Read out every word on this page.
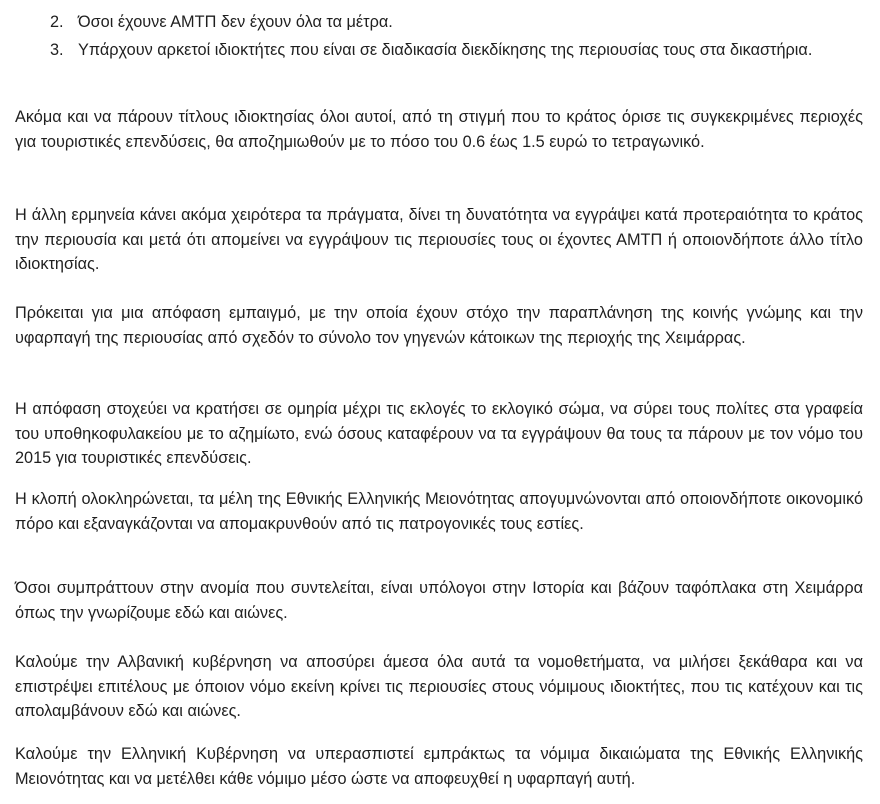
2. Όσοι έχουνε ΑΜΤΠ δεν έχουν όλα τα μέτρα.
3. Υπάρχουν αρκετοί ιδιοκτήτες που είναι σε διαδικασία διεκδίκησης της περιουσίας τους στα δικαστήρια.

Ακόμα και να πάρουν τίτλους ιδιοκτησίας όλοι αυτοί, από τη στιγμή που το κράτος όρισε τις συγκεκριμένες περιοχές για τουριστικές επενδύσεις, θα αποζημιωθούν με το πόσο του 0.6 έως 1.5 ευρώ το τετραγωνικό.

Η άλλη ερμηνεία κάνει ακόμα χειρότερα τα πράγματα, δίνει τη δυνατότητα να εγγράψει κατά προτεραιότητα το κράτος την περιουσία και μετά ότι απομείνει να εγγράψουν τις περιουσίες τους οι έχοντες ΑΜΤΠ ή οποιονδήποτε άλλο τίτλο ιδιοκτησίας.

Πρόκειται για μια απόφαση εμπαιγμό, με την οποία έχουν στόχο την παραπλάνηση της κοινής γνώμης και την υφαρπαγή της περιουσίας από σχεδόν το σύνολο τον γηγενών κάτοικων της περιοχής της Χειμάρρας.

Η απόφαση στοχεύει να κρατήσει σε ομηρία μέχρι τις εκλογές το εκλογικό σώμα, να σύρει τους πολίτες στα γραφεία του υποθηκοφυλακείου με το αζημίωτο, ενώ όσους καταφέρουν να τα εγγράψουν θα τους τα πάρουν με τον νόμο του 2015 για τουριστικές επενδύσεις.

Η κλοπή ολοκληρώνεται, τα μέλη της Εθνικής Ελληνικής Μειονότητας απογυμνώνονται από οποιονδήποτε οικονομικό πόρο και εξαναγκάζονται να απομακρυνθούν από τις πατρογονικές τους εστίες.

Όσοι συμπράττουν στην ανομία που συντελείται, είναι υπόλογοι στην Ιστορία και βάζουν ταφόπλακα στη Χειμάρρα όπως την γνωρίζουμε εδώ και αιώνες.

Καλούμε την Αλβανική κυβέρνηση να αποσύρει άμεσα όλα αυτά τα νομοθετήματα, να μιλήσει ξεκάθαρα και να επιστρέψει επιτέλους με όποιον νόμο εκείνη κρίνει τις περιουσίες στους νόμιμους ιδιοκτήτες, που τις κατέχουν και τις απολαμβάνουν εδώ και αιώνες.

Καλούμε την Ελληνική Κυβέρνηση να υπερασπιστεί εμπράκτως τα νόμιμα δικαιώματα της Εθνικής Ελληνικής Μειονότητας και να μετέλθει κάθε νόμιμο μέσο ώστε να αποφευχθεί η υφαρπαγή αυτή.
